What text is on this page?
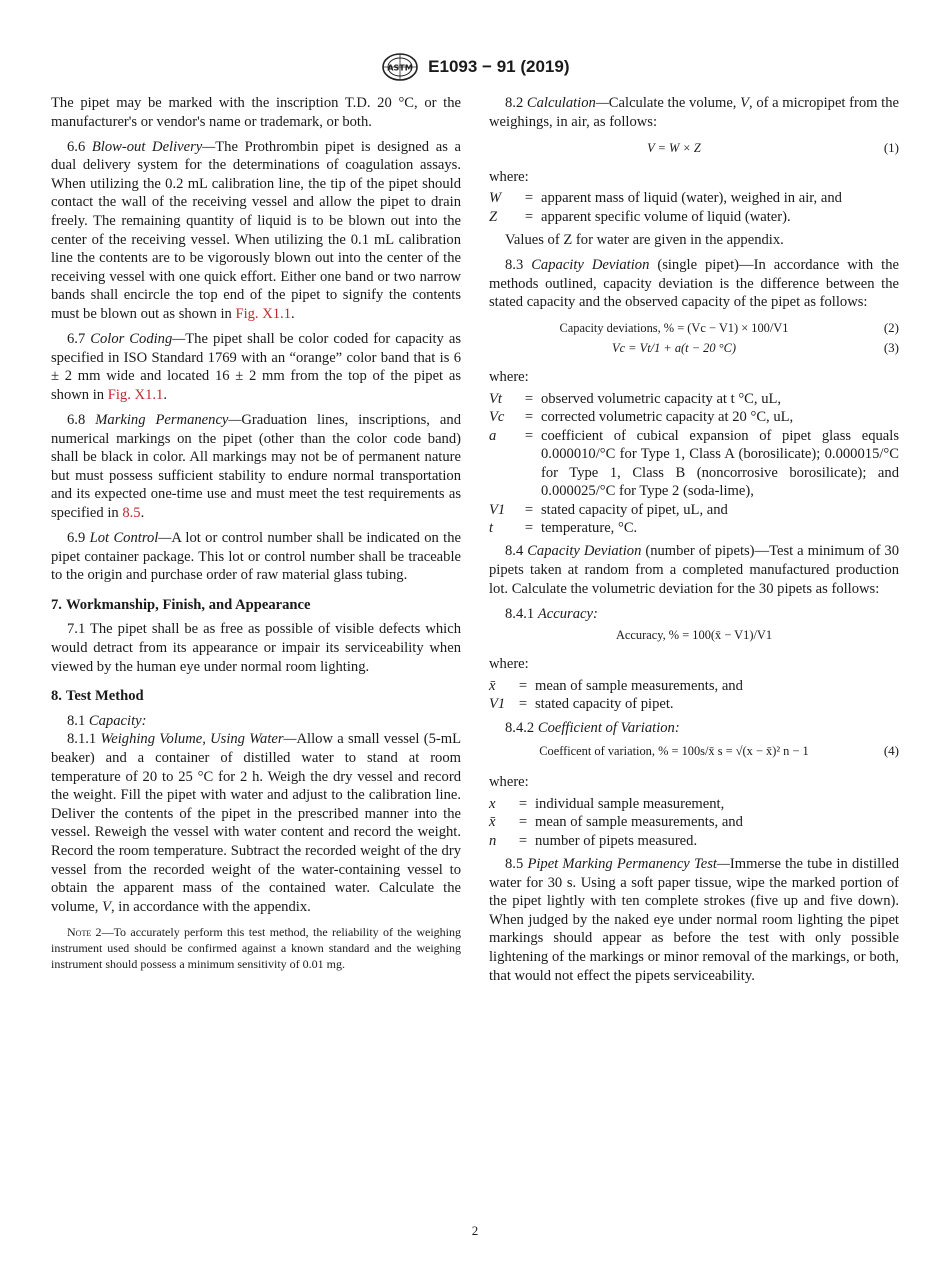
ASTM E1093 − 91 (2019)

The pipet may be marked with the inscription T.D. 20 °C, or the manufacturer's or vendor's name or trademark, or both.

6.6 Blow-out Delivery—The Prothrombin pipet is designed as a dual delivery system for the determinations of coagulation assays. When utilizing the 0.2 mL calibration line, the tip of the pipet should contact the wall of the receiving vessel and allow the pipet to drain freely. The remaining quantity of liquid is to be blown out into the center of the receiving vessel. When utilizing the 0.1 mL calibration line the contents are to be vigorously blown out into the center of the receiving vessel with one quick effort. Either one band or two narrow bands shall encircle the top end of the pipet to signify the contents must be blown out as shown in Fig. X1.1.

6.7 Color Coding—The pipet shall be color coded for capacity as specified in ISO Standard 1769 with an “orange” color band that is 6 ± 2 mm wide and located 16 ± 2 mm from the top of the pipet as shown in Fig. X1.1.

6.8 Marking Permanency—Graduation lines, inscriptions, and numerical markings on the pipet (other than the color code band) shall be black in color. All markings may not be of permanent nature but must possess sufficient stability to endure normal transportation and its expected one-time use and must meet the test requirements as specified in 8.5.

6.9 Lot Control—A lot or control number shall be indicated on the pipet container package. This lot or control number shall be traceable to the origin and purchase order of raw material glass tubing.

7. Workmanship, Finish, and Appearance

7.1 The pipet shall be as free as possible of visible defects which would detract from its appearance or impair its serviceability when viewed by the human eye under normal room lighting.

8. Test Method

8.1 Capacity:

8.1.1 Weighing Volume, Using Water—Allow a small vessel (5-mL beaker) and a container of distilled water to stand at room temperature of 20 to 25 °C for 2 h. Weigh the dry vessel and record the weight. Fill the pipet with water and adjust to the calibration line. Deliver the contents of the pipet in the prescribed manner into the vessel. Reweigh the vessel with water content and record the weight. Record the room temperature. Subtract the recorded weight of the dry vessel from the recorded weight of the water-containing vessel to obtain the apparent mass of the contained water. Calculate the volume, V, in accordance with the appendix.

Note 2—To accurately perform this test method, the reliability of the weighing instrument used should be confirmed against a known standard and the weighing instrument should possess a minimum sensitivity of 0.01 mg.

8.2 Calculation—Calculate the volume, V, of a micropipet from the weighings, in air, as follows:

V = W × Z	(1)

where:

W	=	apparent mass of liquid (water), weighed in air, and
Z	=	apparent specific volume of liquid (water).

Values of Z for water are given in the appendix.

8.3 Capacity Deviation (single pipet)—In accordance with the methods outlined, capacity deviation is the difference between the stated capacity and the observed capacity of the pipet as follows:

Capacity deviations, % = (Vc − V1) × 100/V1	(2)
Vc = Vt/1 + a(t − 20 °C)	(3)

where:

Vt	=	observed volumetric capacity at t °C, uL,
Vc	=	corrected volumetric capacity at 20 °C, uL,
a	=	coefficient of cubical expansion of pipet glass equals 0.000010/°C for Type 1, Class A (borosilicate); 0.000015/°C for Type 1, Class B (noncorrosive borosilicate); and 0.000025/°C for Type 2 (soda-lime),
V1	=	stated capacity of pipet, uL, and
t	=	temperature, °C.

8.4 Capacity Deviation (number of pipets)—Test a minimum of 30 pipets taken at random from a completed manufactured production lot. Calculate the volumetric deviation for the 30 pipets as follows:

8.4.1 Accuracy:

Accuracy, % = 100(x̄ − V1)/V1

where:

x̄	=	mean of sample measurements, and
V1	=	stated capacity of pipet.

8.4.2 Coefficient of Variation:

Coefficent of variation, % = 100s/x̄ s = √(x − x̄)² n − 1	(4)

where:

x	=	individual sample measurement,
x̄	=	mean of sample measurements, and
n	=	number of pipets measured.

8.5 Pipet Marking Permanency Test—Immerse the tube in distilled water for 30 s. Using a soft paper tissue, wipe the marked portion of the pipet lightly with ten complete strokes (five up and five down). When judged by the naked eye under normal room lighting the pipet markings should appear as before the test with only possible lightening of the markings or minor removal of the markings, or both, that would not effect the pipets serviceability.

2
